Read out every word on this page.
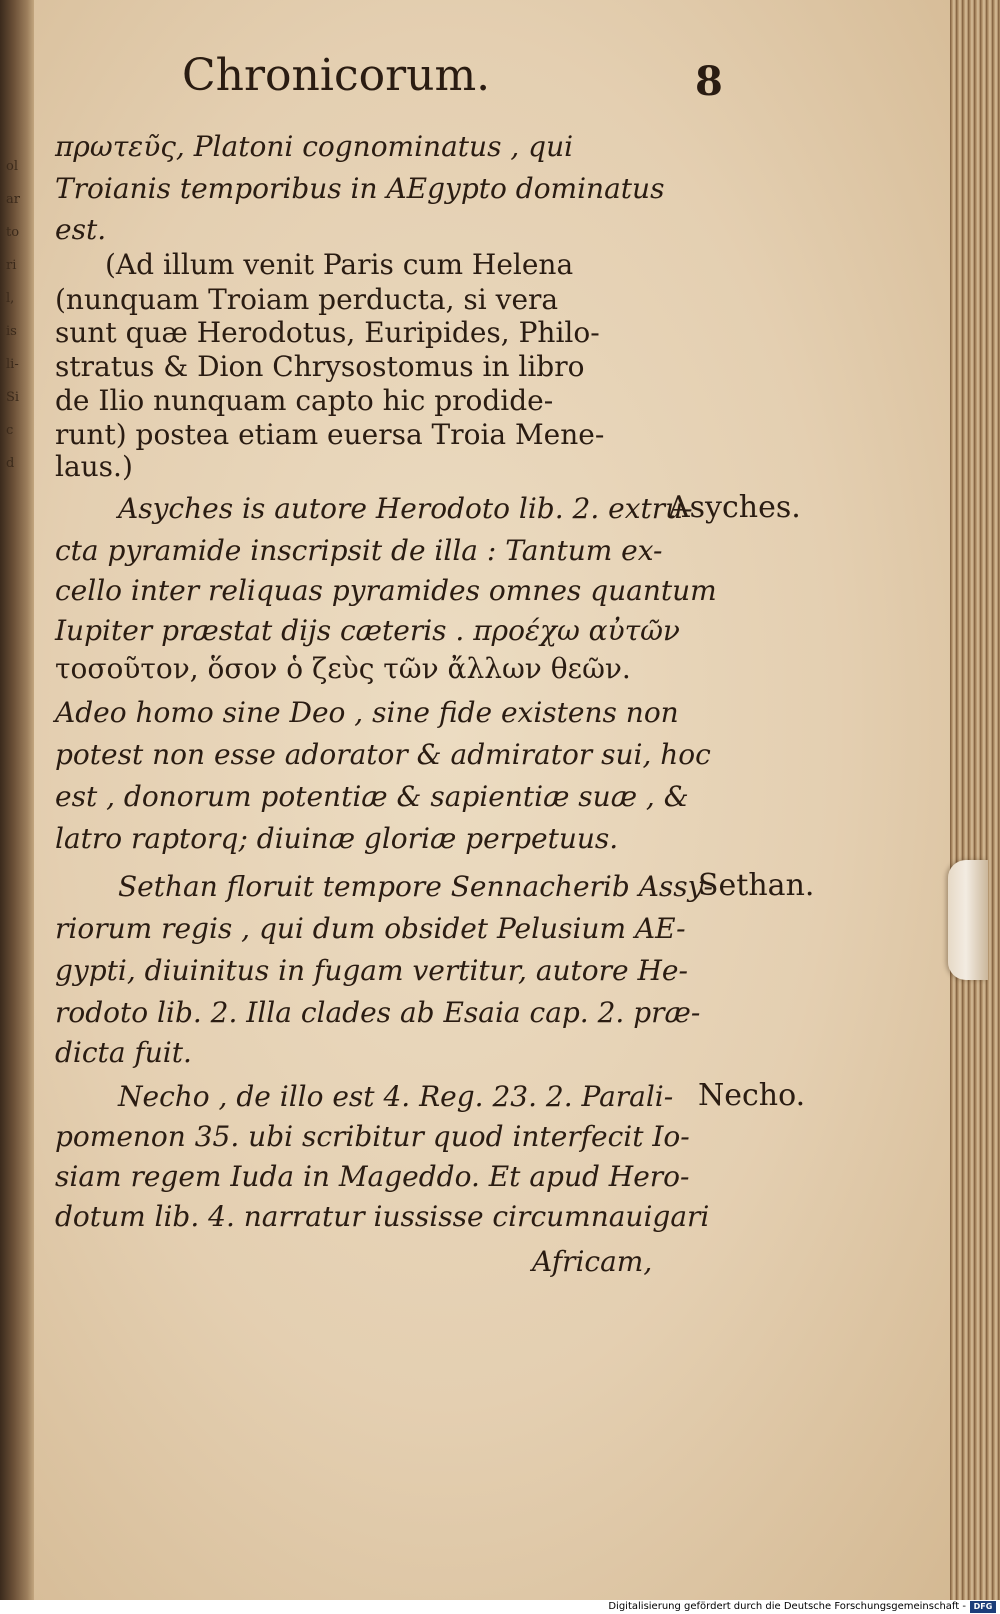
ol
ar
to
ri
l,
is
li-
Si
c
d
Chronicorum.	8
πρωτεῦς, Platoni cognominatus , qui
Troianis temporibus in AEgypto dominatus
est.
(Ad illum venit Paris cum Helena
(nunquam Troiam perducta, si vera
sunt quæ Herodotus, Euripides, Philo-
stratus & Dion Chrysostomus in libro
de Ilio nunquam capto hic prodide-
runt) postea etiam euersa Troia Mene-
laus.)
Asyches is autore Herodoto lib. 2. extru-
cta pyramide inscripsit de illa : Tantum ex-
cello inter reliquas pyramides omnes quantum
Iupiter præstat dijs cæteris . προέχω αὐτῶν
τοσοῦτον, ὅσον ὁ ζεὺς τῶν ἄλλων θεῶν.
Adeo homo sine Deo , sine fide existens non
potest non esse adorator & admirator sui, hoc
est , donorum potentiæ & sapientiæ suæ , &
latro raptorq; diuinæ gloriæ perpetuus.
Sethan floruit tempore Sennacherib Assy-
riorum regis , qui dum obsidet Pelusium AE-
gypti, diuinitus in fugam vertitur, autore He-
rodoto lib. 2. Illa clades ab Esaia cap. 2. præ-
dicta fuit.
Necho , de illo est 4. Reg. 23. 2. Parali-
pomenon 35. ubi scribitur quod interfecit Io-
siam regem Iuda in Mageddo. Et apud Hero-
dotum lib. 4. narratur iussisse circumnauigari
Africam,
Asyches.
Sethan.
Necho.
Digitalisierung gefördert durch die Deutsche Forschungsgemeinschaft - DFG
